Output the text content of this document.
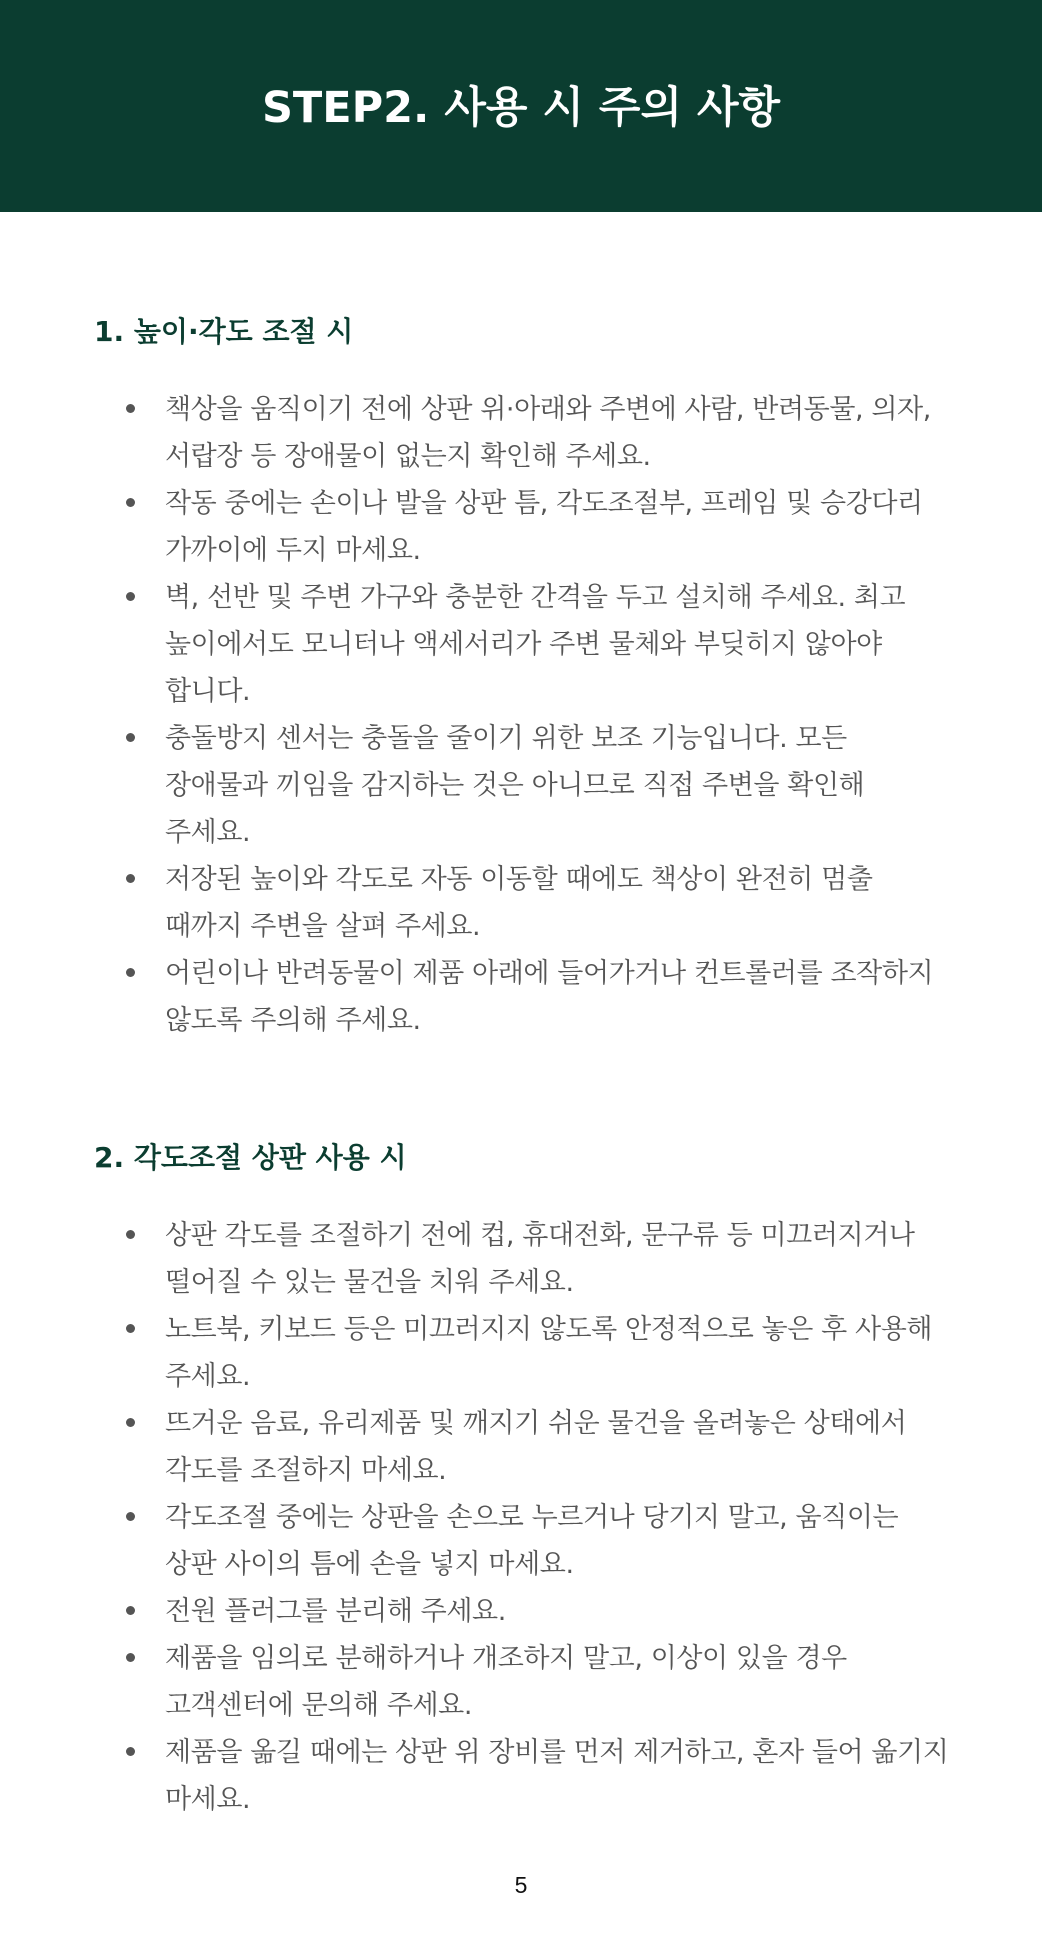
STEP2. 사용 시 주의 사항
1. 높이·각도 조절 시
책상을 움직이기 전에 상판 위·아래와 주변에 사람, 반려동물, 의자, 서랍장 등 장애물이 없는지 확인해 주세요.
작동 중에는 손이나 발을 상판 틈, 각도조절부, 프레임 및 승강다리 가까이에 두지 마세요.
벽, 선반 및 주변 가구와 충분한 간격을 두고 설치해 주세요. 최고 높이에서도 모니터나 액세서리가 주변 물체와 부딪히지 않아야 합니다.
충돌방지 센서는 충돌을 줄이기 위한 보조 기능입니다. 모든 장애물과 끼임을 감지하는 것은 아니므로 직접 주변을 확인해 주세요.
저장된 높이와 각도로 자동 이동할 때에도 책상이 완전히 멈출 때까지 주변을 살펴 주세요.
어린이나 반려동물이 제품 아래에 들어가거나 컨트롤러를 조작하지 않도록 주의해 주세요.
2. 각도조절 상판 사용 시
상판 각도를 조절하기 전에 컵, 휴대전화, 문구류 등 미끄러지거나 떨어질 수 있는 물건을 치워 주세요.
노트북, 키보드 등은 미끄러지지 않도록 안정적으로 놓은 후 사용해 주세요.
뜨거운 음료, 유리제품 및 깨지기 쉬운 물건을 올려놓은 상태에서 각도를 조절하지 마세요.
각도조절 중에는 상판을 손으로 누르거나 당기지 말고, 움직이는 상판 사이의 틈에 손을 넣지 마세요.
전원 플러그를 분리해 주세요.
제품을 임의로 분해하거나 개조하지 말고, 이상이 있을 경우 고객센터에 문의해 주세요.
제품을 옮길 때에는 상판 위 장비를 먼저 제거하고, 혼자 들어 옮기지 마세요.
5
